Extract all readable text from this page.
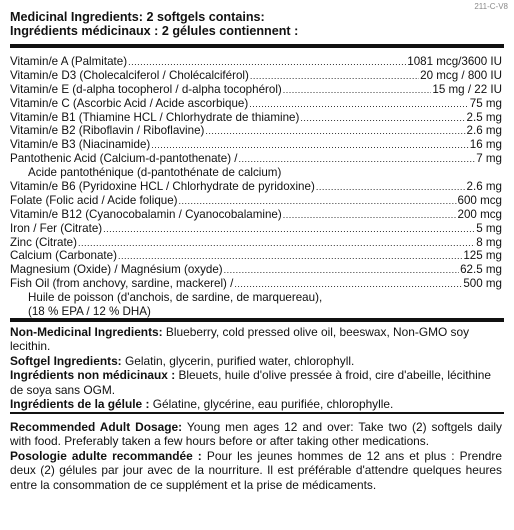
211-C-V8
Medicinal Ingredients: 2 softgels contains:
Ingrédients médicinaux : 2 gélules contiennent :
Vitamin/e A (Palmitate) .....	1081 mcg/3600 IU
Vitamin/e D3 (Cholecalciferol / Cholécalciférol) .....	20 mcg / 800 IU
Vitamin/e E (d-alpha tocopherol / d-alpha tocophérol) .....	15 mg / 22 IU
Vitamin/e C (Ascorbic Acid / Acide ascorbique) .....	75 mg
Vitamin/e B1 (Thiamine HCL / Chlorhydrate de thiamine) .....	2.5 mg
Vitamin/e B2 (Riboflavin / Riboflavine) .....	2.6 mg
Vitamin/e B3 (Niacinamide) .....	16 mg
Pantothenic Acid (Calcium-d-pantothenate) / .....	7 mg
Acide pantothénique (d-pantothénate de calcium)
Vitamin/e B6 (Pyridoxine HCL / Chlorhydrate de pyridoxine) .....	2.6 mg
Folate (Folic acid / Acide folique) .....	600 mcg
Vitamin/e B12 (Cyanocobalamin / Cyanocobalamine) .....	200 mcg
Iron / Fer (Citrate) .....	5 mg
Zinc (Citrate) .....	8 mg
Calcium (Carbonate) .....	125 mg
Magnesium (Oxide) / Magnésium (oxyde) .....	62.5 mg
Fish Oil (from anchovy, sardine, mackerel) / .....	500 mg
Huile de poisson (d'anchois, de sardine, de marquereau),
(18 % EPA / 12 % DHA)

Non-Medicinal Ingredients: Blueberry, cold pressed olive oil, beeswax, Non-GMO soy lecithin.

Softgel Ingredients: Gelatin, glycerin, purified water, chlorophyll.

Ingrédients non médicinaux : Bleuets, huile d'olive pressée à froid, cire d'abeille, lécithine de soya sans OGM.

Ingrédients de la gélule : Gélatine, glycérine, eau purifiée, chlorophylle.

Recommended Adult Dosage: Young men ages 12 and over: Take two (2) softgels daily with food. Preferably taken a few hours before or after taking other medications.

Posologie adulte recommandée : Pour les jeunes hommes de 12 ans et plus : Prendre deux (2) gélules par jour avec de la nourriture. Il est préférable d'attendre quelques heures entre la consommation de ce supplément et la prise de médicaments.
